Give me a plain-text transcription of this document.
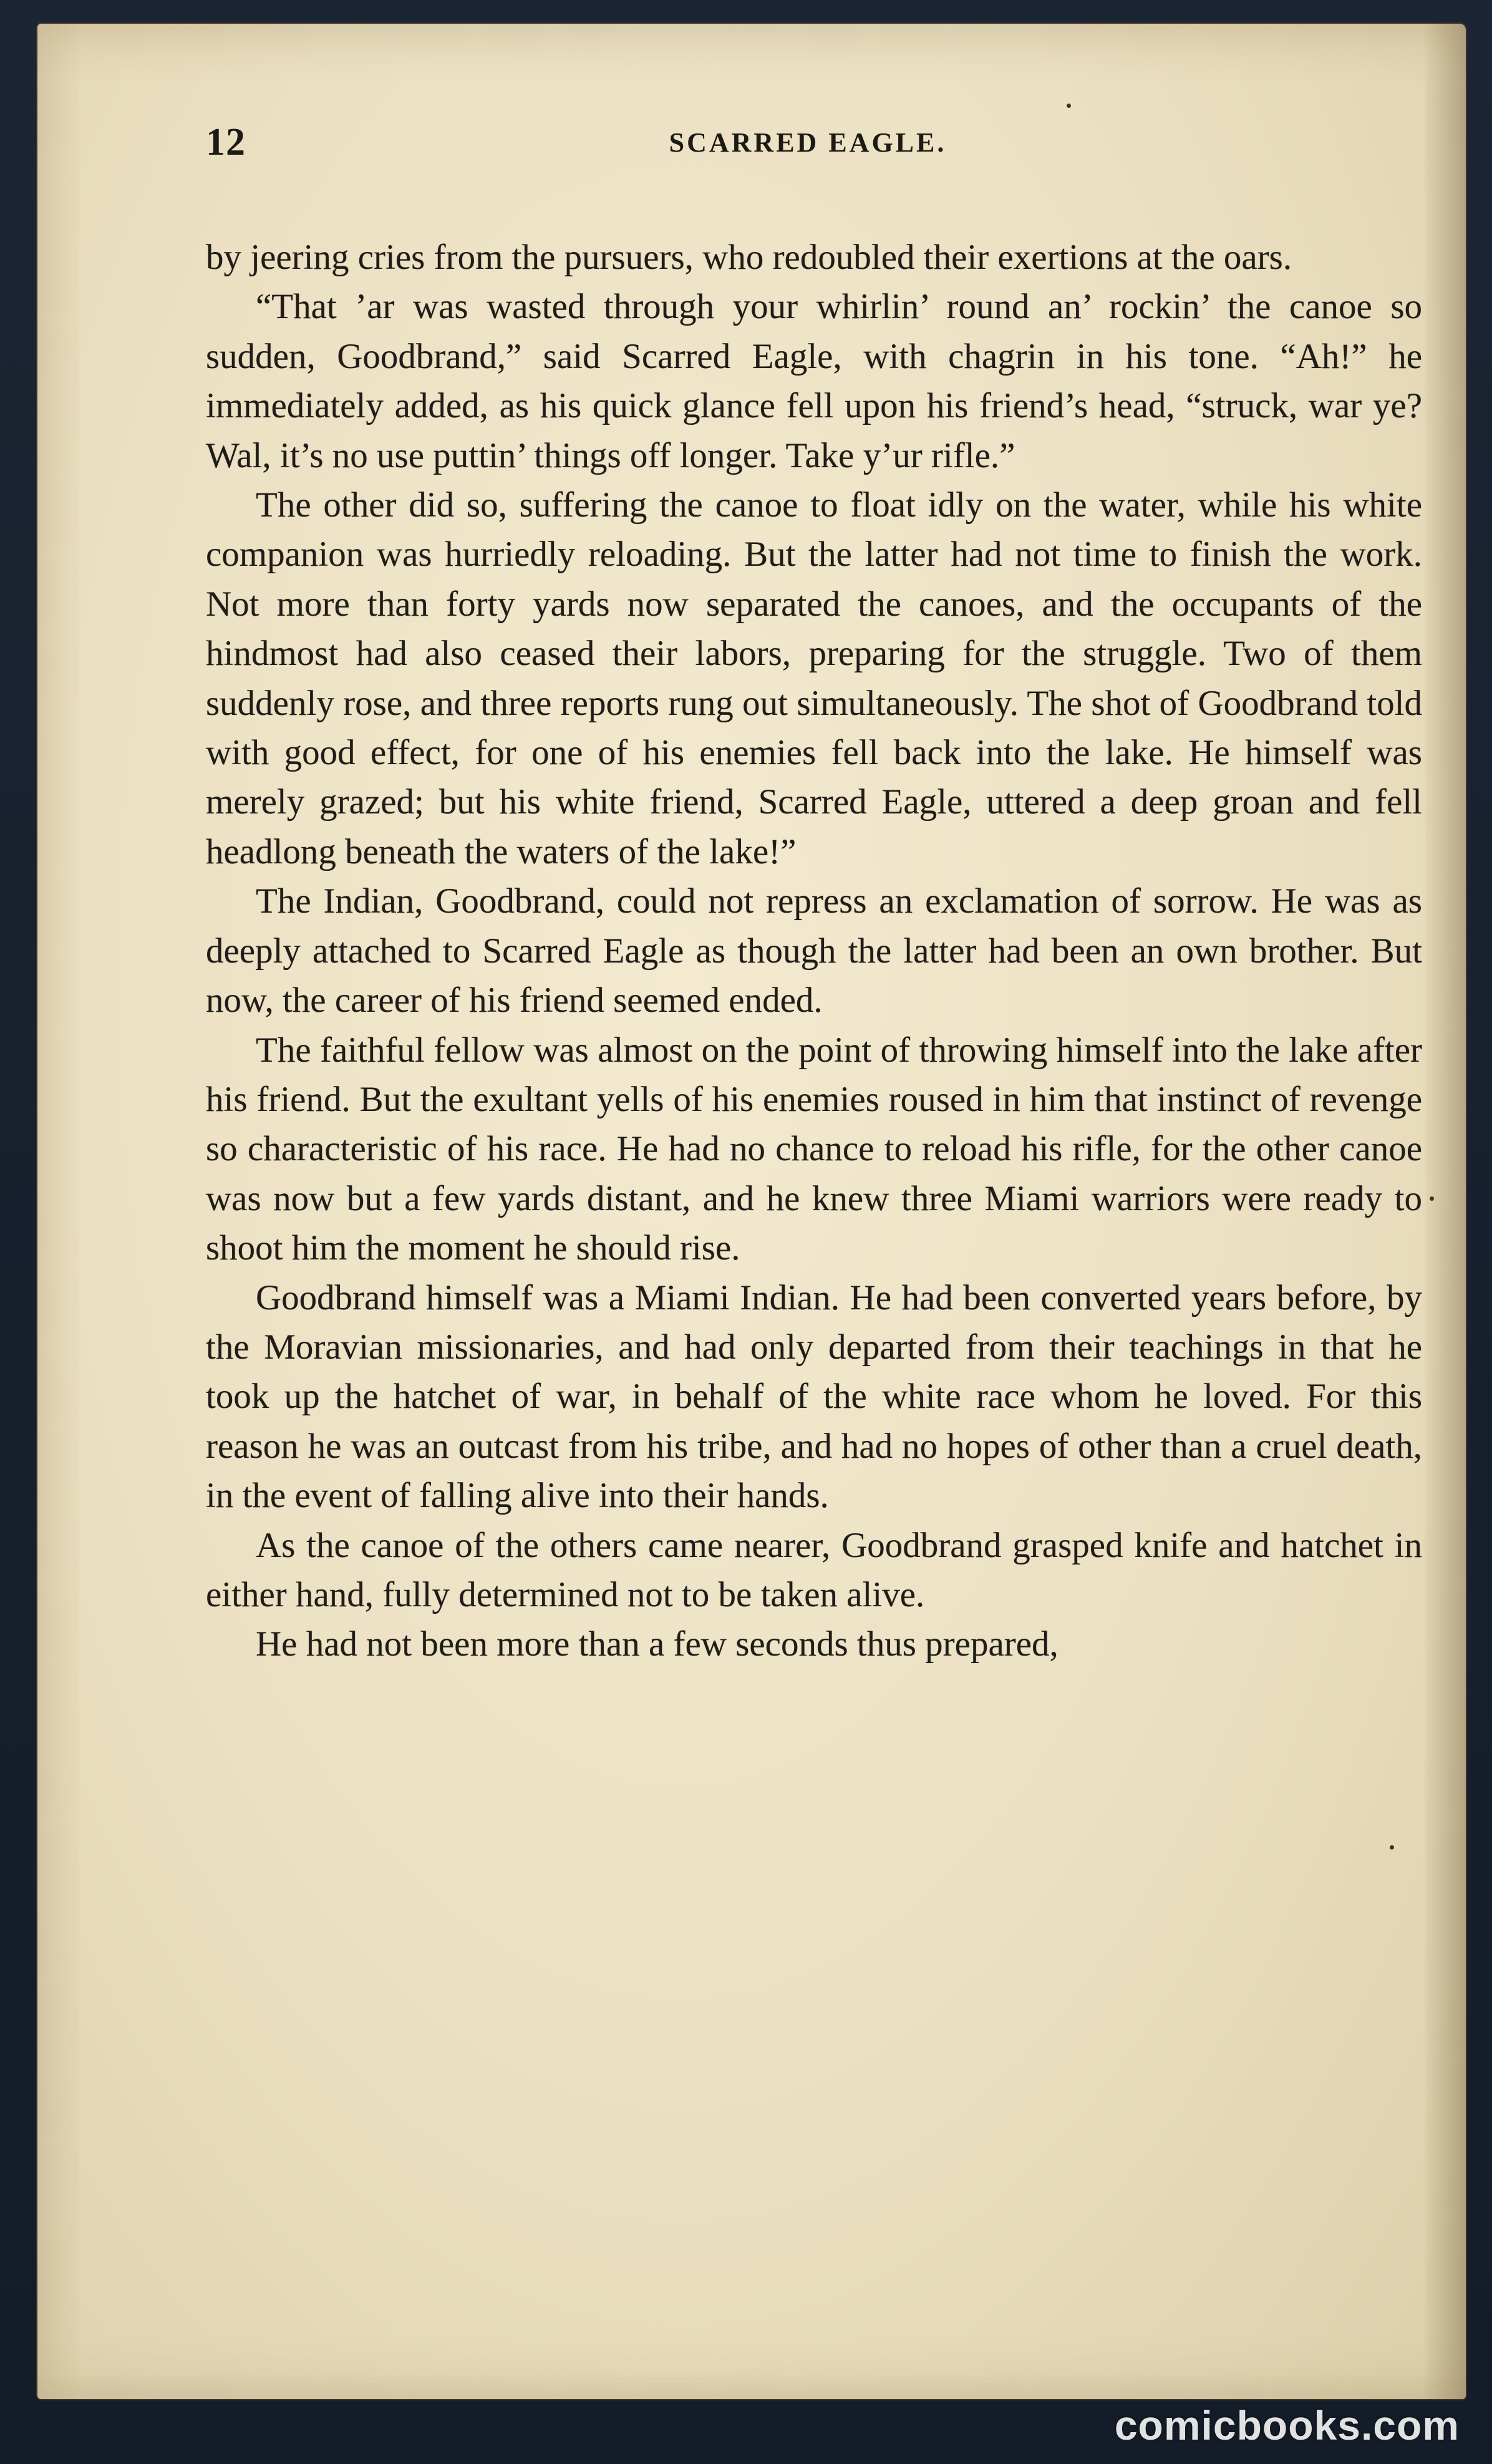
12	SCARRED EAGLE.

by jeering cries from the pursuers, who redoubled their exertions at the oars.

“That ’ar was wasted through your whirlin’ round an’ rockin’ the canoe so sudden, Goodbrand,” said Scarred Eagle, with chagrin in his tone. “Ah!” he immediately added, as his quick glance fell upon his friend’s head, “struck, war ye? Wal, it’s no use puttin’ things off longer. Take y’ur rifle.”

The other did so, suffering the canoe to float idly on the water, while his white companion was hurriedly reloading. But the latter had not time to finish the work. Not more than forty yards now separated the canoes, and the occupants of the hindmost had also ceased their labors, preparing for the struggle. Two of them suddenly rose, and three reports rung out simultaneously. The shot of Goodbrand told with good effect, for one of his enemies fell back into the lake. He himself was merely grazed; but his white friend, Scarred Eagle, uttered a deep groan and fell headlong beneath the waters of the lake!”

The Indian, Goodbrand, could not repress an exclamation of sorrow. He was as deeply attached to Scarred Eagle as though the latter had been an own brother. But now, the career of his friend seemed ended.

The faithful fellow was almost on the point of throwing himself into the lake after his friend. But the exultant yells of his enemies roused in him that instinct of revenge so characteristic of his race. He had no chance to reload his rifle, for the other canoe was now but a few yards distant, and he knew three Miami warriors were ready to shoot him the moment he should rise.

Goodbrand himself was a Miami Indian. He had been converted years before, by the Moravian missionaries, and had only departed from their teachings in that he took up the hatchet of war, in behalf of the white race whom he loved. For this reason he was an outcast from his tribe, and had no hopes of other than a cruel death, in the event of falling alive into their hands.

As the canoe of the others came nearer, Goodbrand grasped knife and hatchet in either hand, fully determined not to be taken alive.

He had not been more than a few seconds thus prepared,

comicbooks.com
